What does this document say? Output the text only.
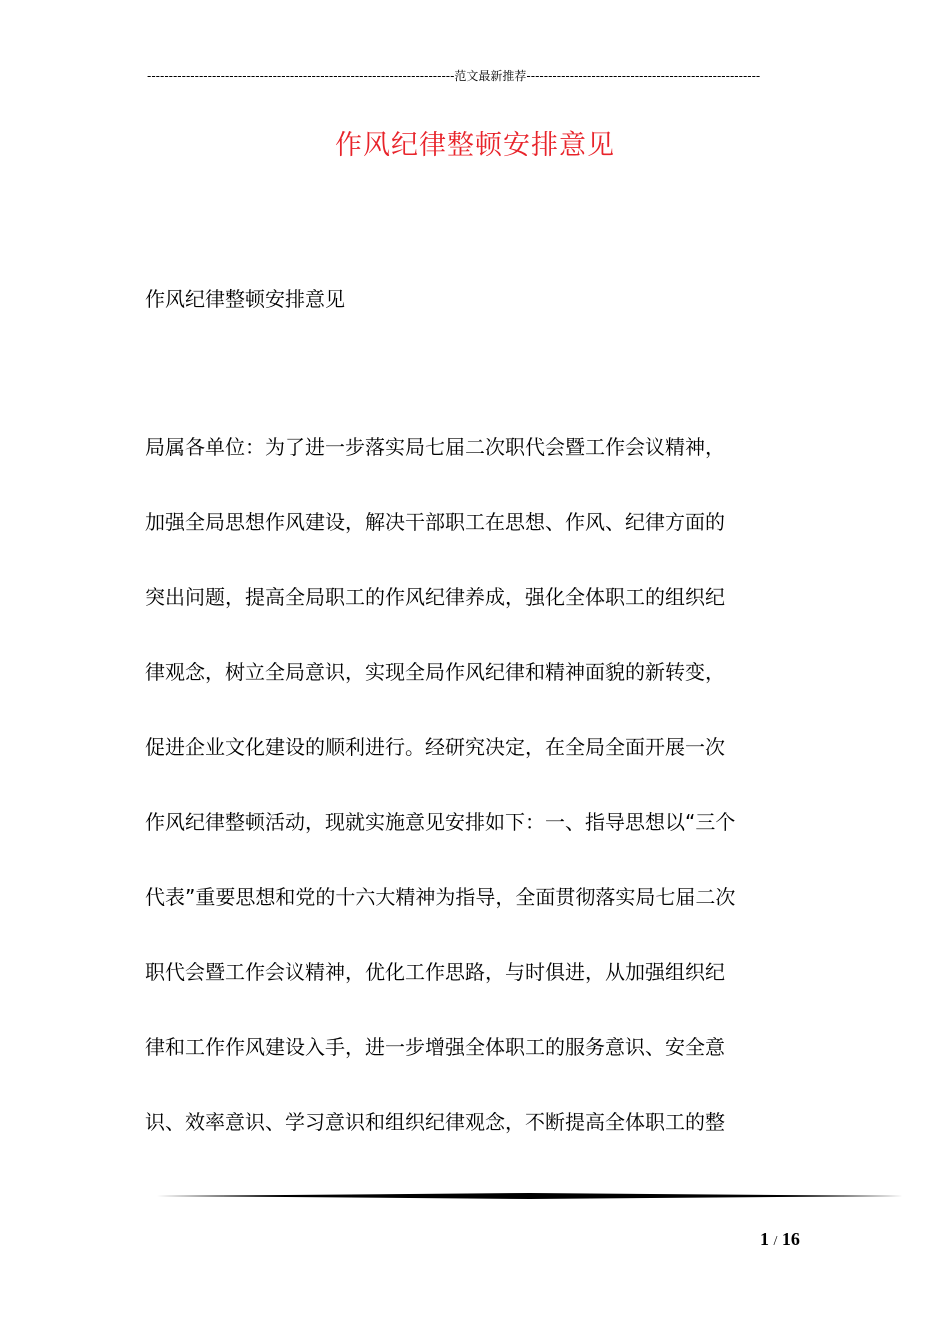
-----------------------------------------------------------------------范文最新推荐------------------------------------------------------
作风纪律整顿安排意见
作风纪律整顿安排意见
局属各单位：为了进一步落实局七届二次职代会暨工作会议精神，
加强全局思想作风建设，解决干部职工在思想、作风、纪律方面的
突出问题，提高全局职工的作风纪律养成，强化全体职工的组织纪
律观念，树立全局意识，实现全局作风纪律和精神面貌的新转变，
促进企业文化建设的顺利进行。经研究决定，在全局全面开展一次
作风纪律整顿活动，现就实施意见安排如下：一、指导思想以“三个
代表”重要思想和党的十六大精神为指导，全面贯彻落实局七届二次
职代会暨工作会议精神，优化工作思路，与时俱进，从加强组织纪
律和工作作风建设入手，进一步增强全体职工的服务意识、安全意
识、效率意识、学习意识和组织纪律观念，不断提高全体职工的整
1 / 16
